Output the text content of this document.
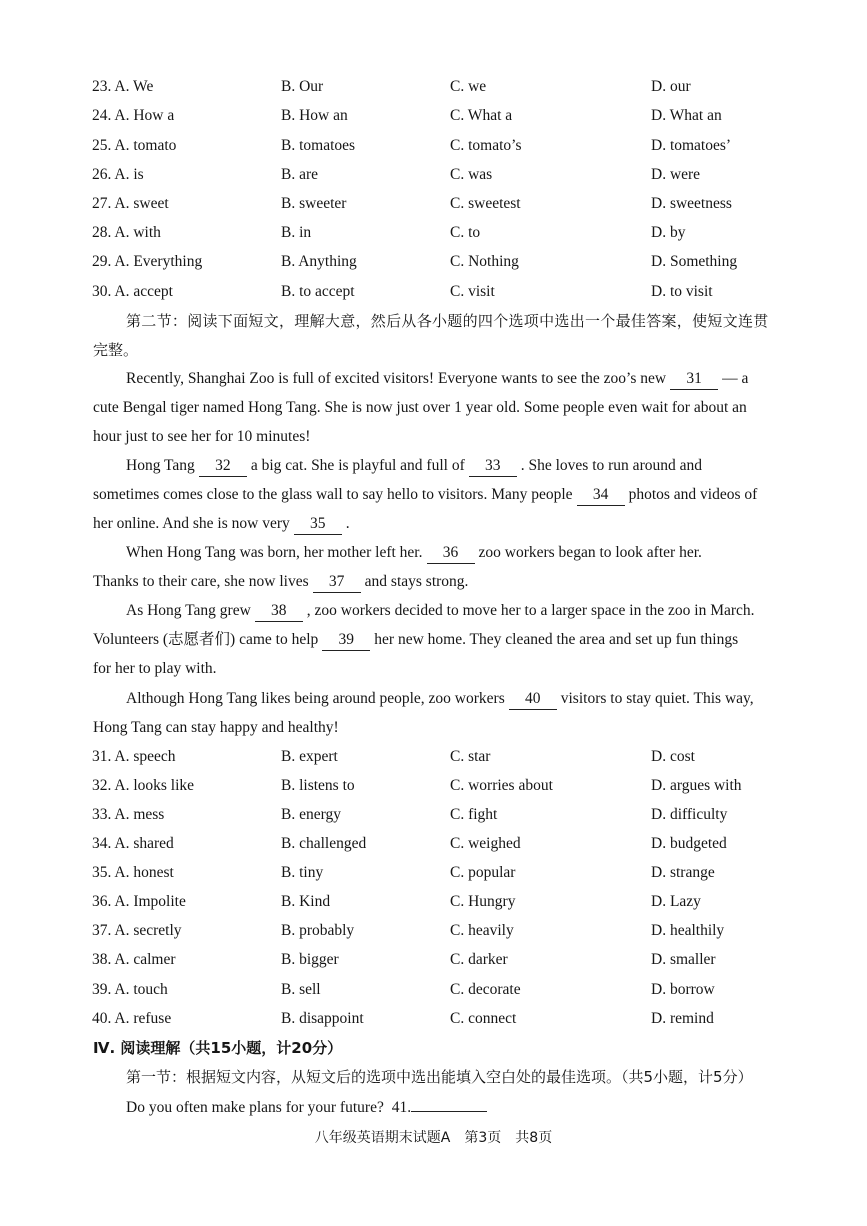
23. A. We	B. Our	C. we	D. our
24. A. How a	B. How an	C. What a	D. What an
25. A. tomato	B. tomatoes	C. tomato’s	D. tomatoes’
26. A. is	B. are	C. was	D. were
27. A. sweet	B. sweeter	C. sweetest	D. sweetness
28. A. with	B. in	C. to	D. by
29. A. Everything	B. Anything	C. Nothing	D. Something
30. A. accept	B. to accept	C. visit	D. to visit
第二节：阅读下面短文，理解大意，然后从各小题的四个选项中选出一个最佳答案，使短文连贯
完整。
Recently, Shanghai Zoo is full of excited visitors! Everyone wants to see the zoo’s new 31 — a
cute Bengal tiger named Hong Tang. She is now just over 1 year old. Some people even wait for about an
hour just to see her for 10 minutes!
Hong Tang 32 a big cat. She is playful and full of 33 . She loves to run around and
sometimes comes close to the glass wall to say hello to visitors. Many people 34 photos and videos of
her online. And she is now very 35 .
When Hong Tang was born, her mother left her. 36 zoo workers began to look after her.
Thanks to their care, she now lives 37 and stays strong.
As Hong Tang grew 38 , zoo workers decided to move her to a larger space in the zoo in March.
Volunteers (志愿者们) came to help 39 her new home. They cleaned the area and set up fun things
for her to play with.
Although Hong Tang likes being around people, zoo workers 40 visitors to stay quiet. This way,
Hong Tang can stay happy and healthy!
31. A. speech	B. expert	C. star	D. cost
32. A. looks like	B. listens to	C. worries about	D. argues with
33. A. mess	B. energy	C. fight	D. difficulty
34. A. shared	B. challenged	C. weighed	D. budgeted
35. A. honest	B. tiny	C. popular	D. strange
36. A. Impolite	B. Kind	C. Hungry	D. Lazy
37. A. secretly	B. probably	C. heavily	D. healthily
38. A. calmer	B. bigger	C. darker	D. smaller
39. A. touch	B. sell	C. decorate	D. borrow
40. A. refuse	B. disappoint	C. connect	D. remind
Ⅳ. 阅读理解（共15小题，计20分）
第一节：根据短文内容，从短文后的选项中选出能填入空白处的最佳选项。（共5小题，计5分）
Do you often make plans for your future? 41.
八年级英语期末试题A　第3页　共8页
